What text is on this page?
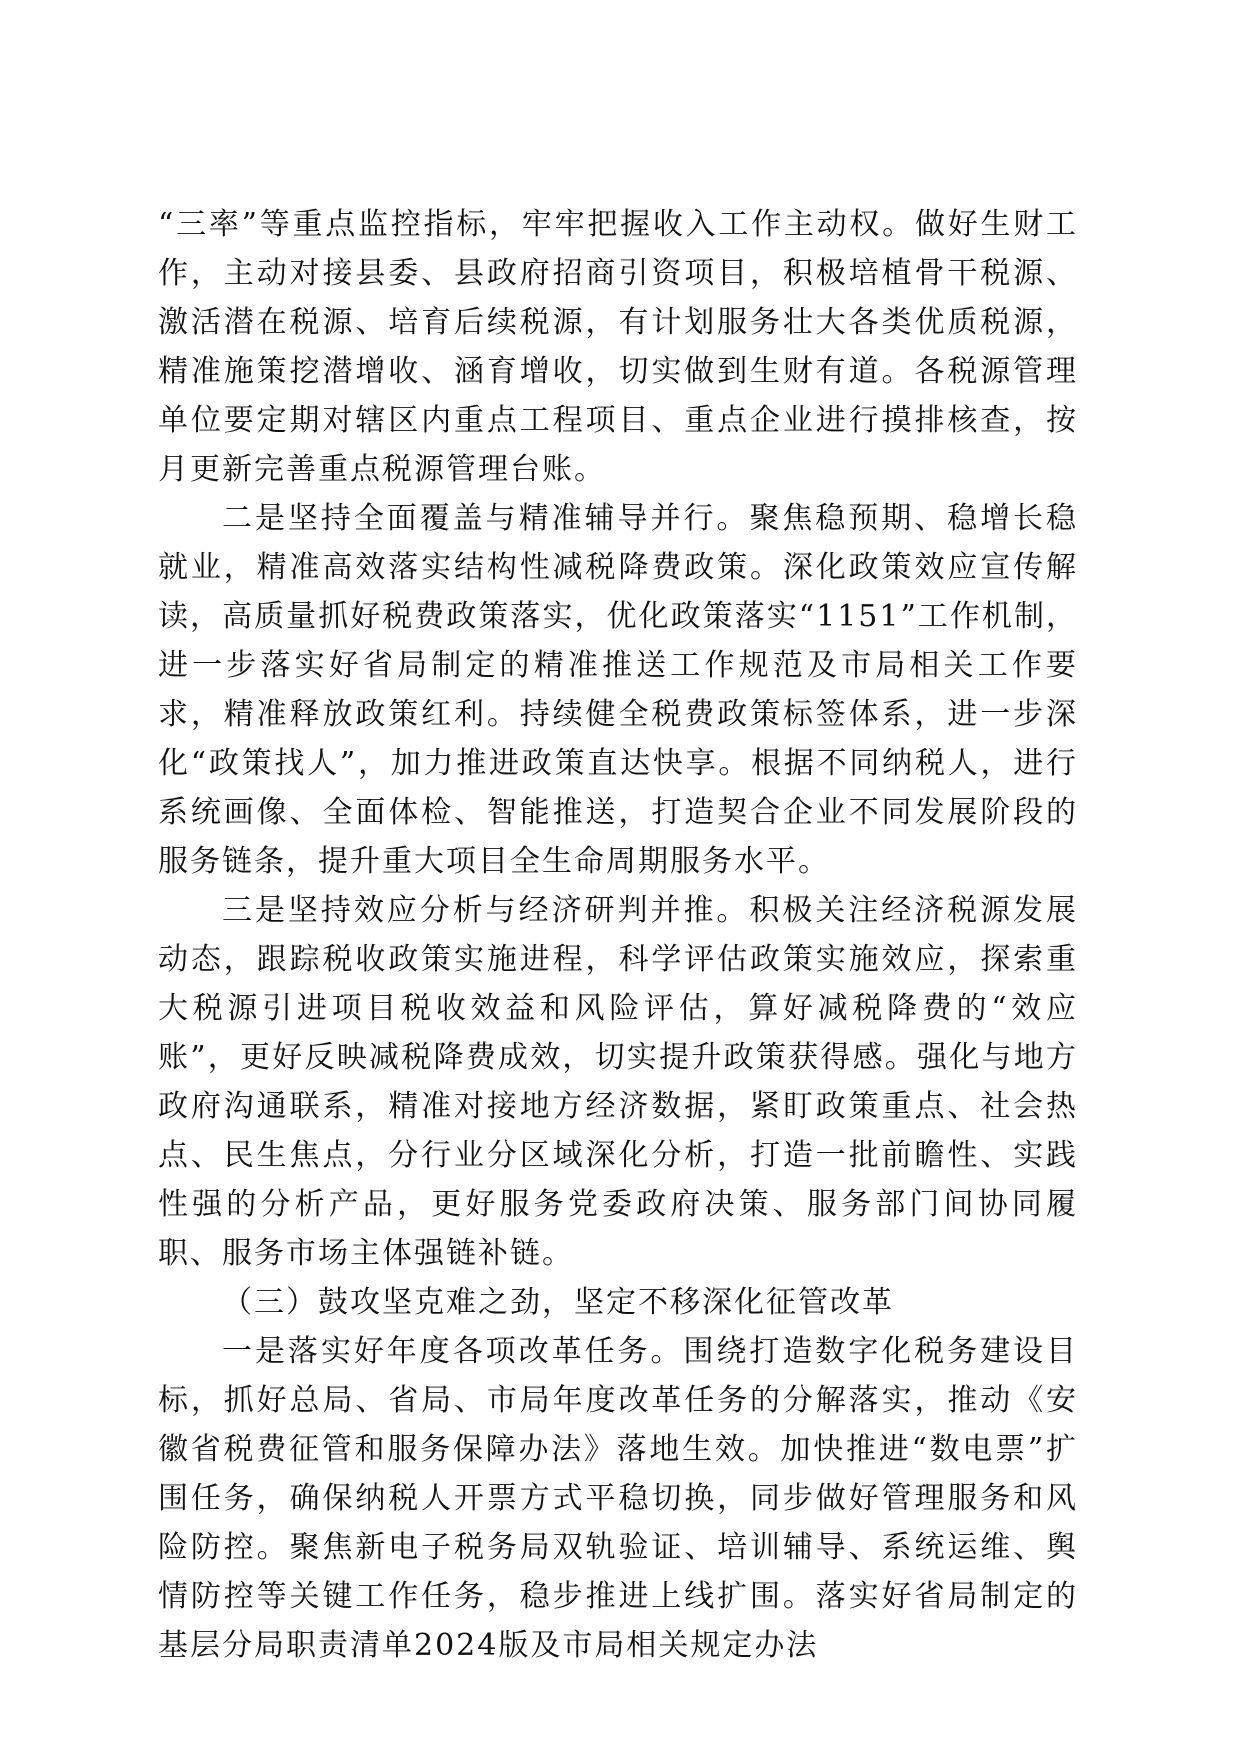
“三率”等重点监控指标，牢牢把握收入工作主动权。做好生财工作，主动对接县委、县政府招商引资项目，积极培植骨干税源、激活潜在税源、培育后续税源，有计划服务壮大各类优质税源，精准施策挖潜增收、涵育增收，切实做到生财有道。各税源管理单位要定期对辖区内重点工程项目、重点企业进行摸排核查，按月更新完善重点税源管理台账。

二是坚持全面覆盖与精准辅导并行。聚焦稳预期、稳增长稳就业，精准高效落实结构性减税降费政策。深化政策效应宣传解读，高质量抓好税费政策落实，优化政策落实“1151”工作机制，进一步落实好省局制定的精准推送工作规范及市局相关工作要求，精准释放政策红利。持续健全税费政策标签体系，进一步深化“政策找人”，加力推进政策直达快享。根据不同纳税人，进行系统画像、全面体检、智能推送，打造契合企业不同发展阶段的服务链条，提升重大项目全生命周期服务水平。

三是坚持效应分析与经济研判并推。积极关注经济税源发展动态，跟踪税收政策实施进程，科学评估政策实施效应，探索重大税源引进项目税收效益和风险评估，算好减税降费的“效应账”，更好反映减税降费成效，切实提升政策获得感。强化与地方政府沟通联系，精准对接地方经济数据，紧盯政策重点、社会热点、民生焦点，分行业分区域深化分析，打造一批前瞻性、实践性强的分析产品，更好服务党委政府决策、服务部门间协同履职、服务市场主体强链补链。

（三）鼓攻坚克难之劲，坚定不移深化征管改革

一是落实好年度各项改革任务。围绕打造数字化税务建设目标，抓好总局、省局、市局年度改革任务的分解落实，推动《安徽省税费征管和服务保障办法》落地生效。加快推进“数电票”扩围任务，确保纳税人开票方式平稳切换，同步做好管理服务和风险防控。聚焦新电子税务局双轨验证、培训辅导、系统运维、舆情防控等关键工作任务，稳步推进上线扩围。落实好省局制定的基层分局职责清单2024版及市局相关规定办法
